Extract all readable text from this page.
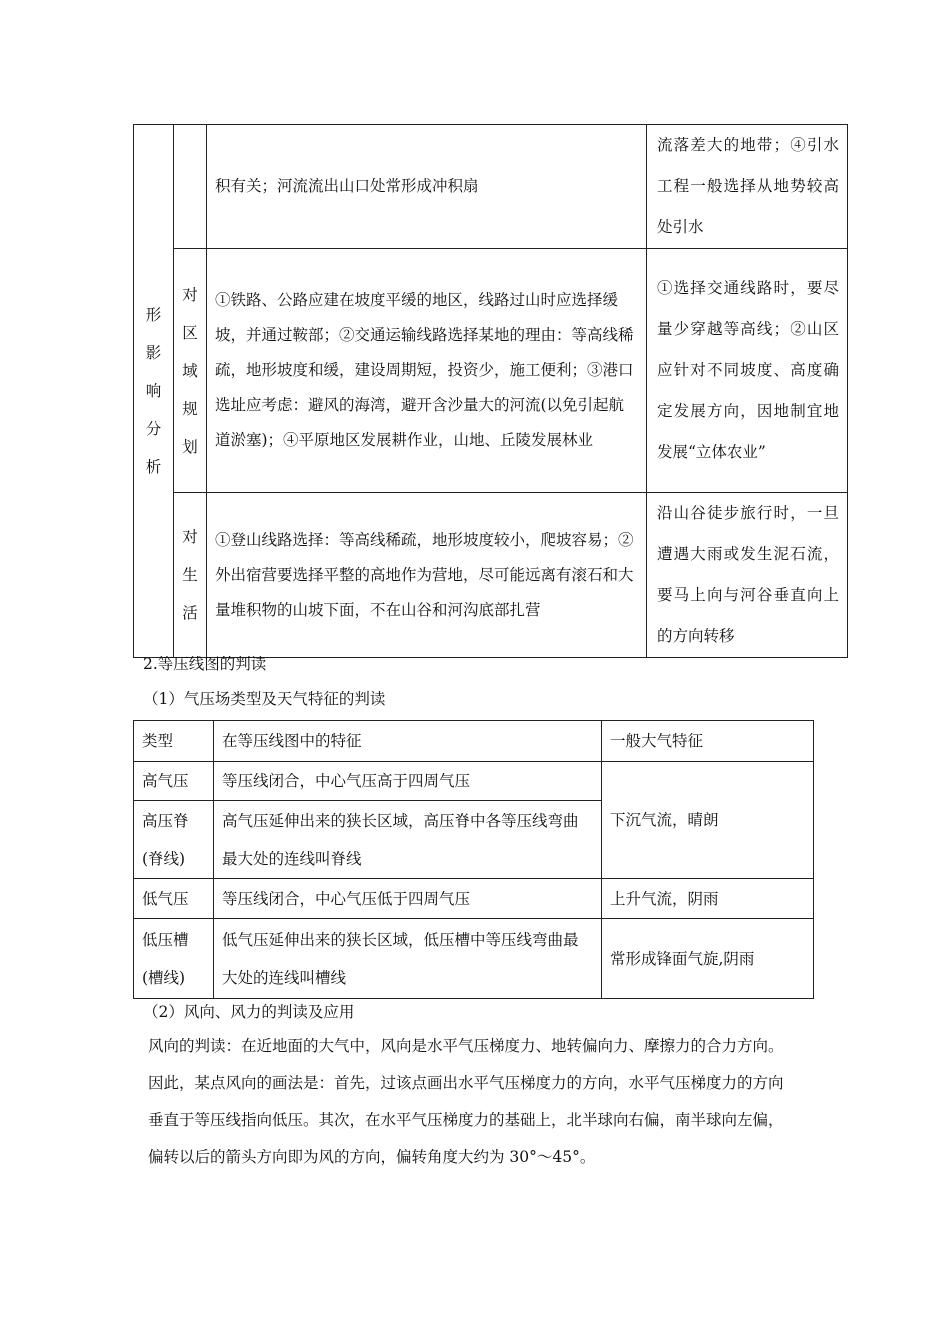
形
影
响
分
析		积有关；河流流出山口处常形成冲积扇	流落差大的地带；④引水工程一般选择从地势较高处引水

	对
区
域
规
划	①铁路、公路应建在坡度平缓的地区，线路过山时应选择缓坡，并通过鞍部；②交通运输线路选择某地的理由：等高线稀疏，地形坡度和缓，建设周期短，投资少，施工便利；③港口选址应考虑：避风的海湾，避开含沙量大的河流(以免引起航道淤塞)；④平原地区发展耕作业，山地、丘陵发展林业	①选择交通线路时，要尽量少穿越等高线；②山区应针对不同坡度、高度确定发展方向，因地制宜地发展“立体农业”

	对
生
活	①登山线路选择：等高线稀疏，地形坡度较小，爬坡容易；②外出宿营要选择平整的高地作为营地，尽可能远离有滚石和大量堆积物的山坡下面，不在山谷和河沟底部扎营	沿山谷徒步旅行时，一旦遭遇大雨或发生泥石流，要马上向与河谷垂直向上的方向转移
2.等压线图的判读
（1）气压场类型及天气特征的判读
类型	在等压线图中的特征	一般大气特征
高气压	等压线闭合，中心气压高于四周气压	下沉气流，晴朗

高压脊
(脊线)	高气压延伸出来的狭长区域，高压脊中各等压线弯曲最大处的连线叫脊线	
低气压	等压线闭合，中心气压低于四周气压	上升气流，阴雨

低压槽
(槽线)	低气压延伸出来的狭长区域，低压槽中等压线弯曲最大处的连线叫槽线	常形成锋面气旋,阴雨
（2）风向、风力的判读及应用

风向的判读：在近地面的大气中，风向是水平气压梯度力、地转偏向力、摩擦力的合力方向。

因此，某点风向的画法是：首先，过该点画出水平气压梯度力的方向，水平气压梯度力的方向

垂直于等压线指向低压。其次，在水平气压梯度力的基础上，北半球向右偏，南半球向左偏，

偏转以后的箭头方向即为风的方向，偏转角度大约为 30°～45°。
